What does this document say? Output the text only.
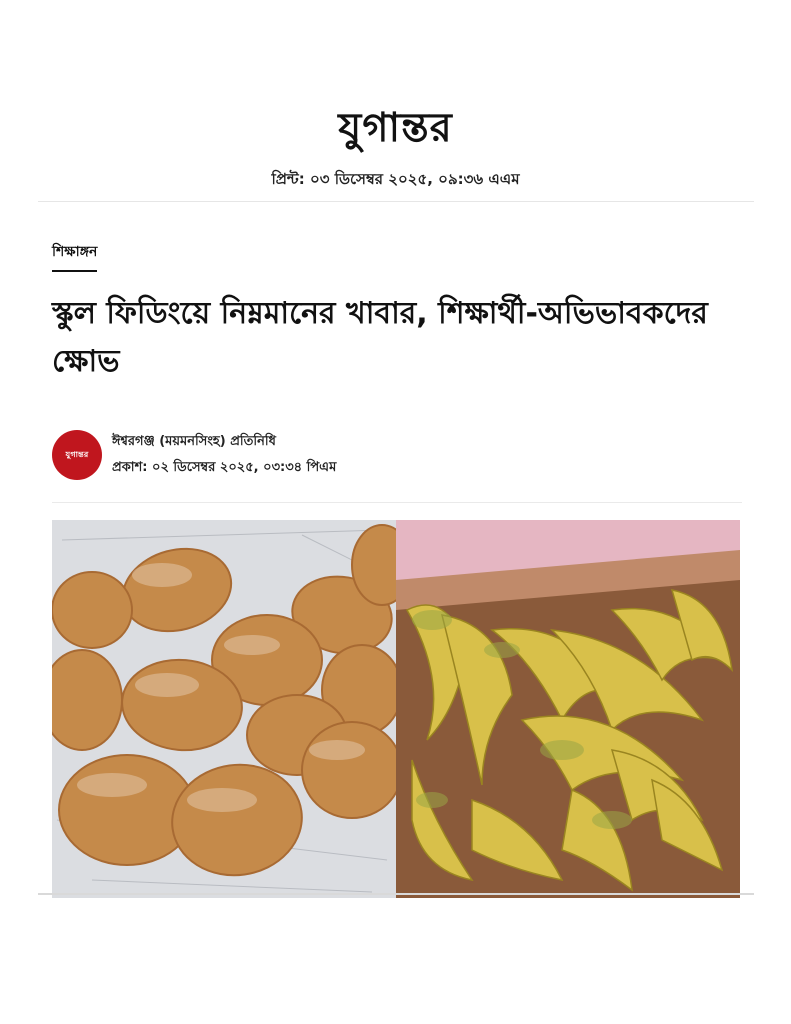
যুগান্তর
প্রিন্ট: ০৩ ডিসেম্বর ২০২৫, ০৯:৩৬ এএম
শিক্ষাঙ্গন
স্কুল ফিডিংয়ে নিম্নমানের খাবার, শিক্ষার্থী-অভিভাবকদের ক্ষোভ
যুগান্তর
ঈশ্বরগঞ্জ (ময়মনসিংহ) প্রতিনিধি
প্রকাশ: ০২ ডিসেম্বর ২০২৫, ০৩:৩৪ পিএম
